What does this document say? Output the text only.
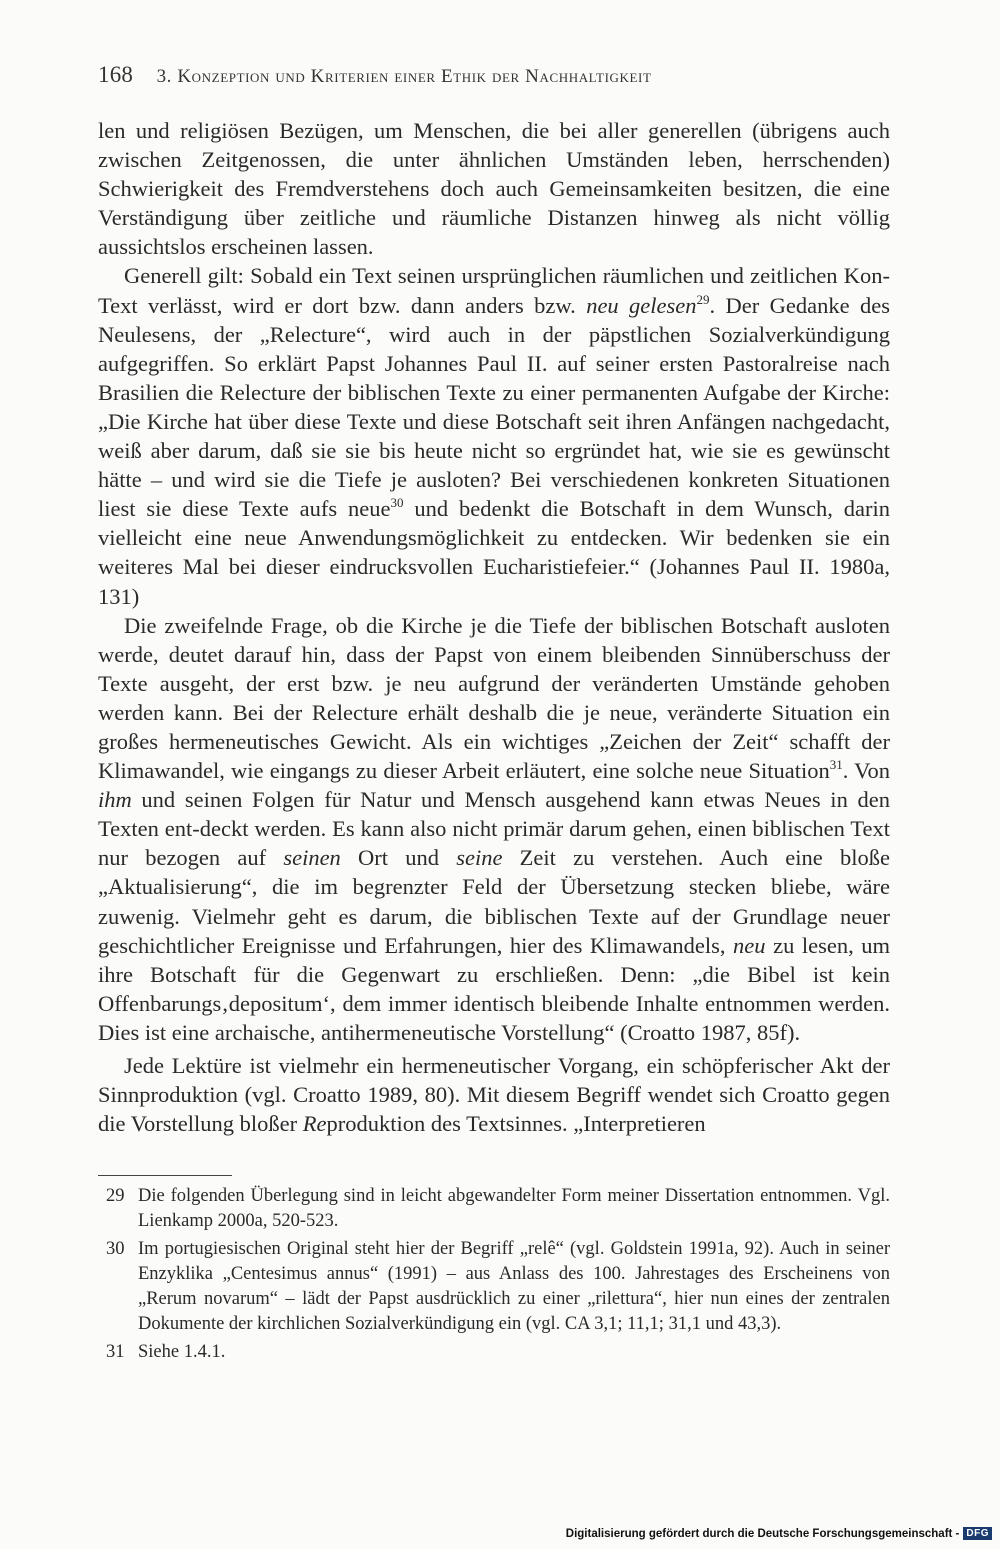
168 3. Konzeption und Kriterien einer Ethik der Nachhaltigkeit

len und religiösen Bezügen, um Menschen, die bei aller generellen (übrigens auch zwischen Zeitgenossen, die unter ähnlichen Umständen leben, herrschenden) Schwierigkeit des Fremdverstehens doch auch Gemeinsamkeiten besitzen, die eine Verständigung über zeitliche und räumliche Distanzen hinweg als nicht völlig aussichtslos erscheinen lassen.

Generell gilt: Sobald ein Text seinen ursprünglichen räumlichen und zeitlichen Kon-Text verlässt, wird er dort bzw. dann anders bzw. neu gelesen$^{29}$. Der Gedanke des Neulesens, der „Relecture“, wird auch in der päpstlichen Sozialverkündigung aufgegriffen. So erklärt Papst Johannes Paul II. auf seiner ersten Pastoralreise nach Brasilien die Relecture der biblischen Texte zu einer permanenten Aufgabe der Kirche: „Die Kirche hat über diese Texte und diese Botschaft seit ihren Anfängen nachgedacht, weiß aber darum, daß sie sie bis heute nicht so ergründet hat, wie sie es gewünscht hätte – und wird sie die Tiefe je ausloten? Bei verschiedenen konkreten Situationen liest sie diese Texte aufs neue$^{30}$ und bedenkt die Botschaft in dem Wunsch, darin vielleicht eine neue Anwendungsmöglichkeit zu entdecken. Wir bedenken sie ein weiteres Mal bei dieser eindrucksvollen Eucharistiefeier.“ (Johannes Paul II. 1980a, 131)

Die zweifelnde Frage, ob die Kirche je die Tiefe der biblischen Botschaft ausloten werde, deutet darauf hin, dass der Papst von einem bleibenden Sinnüberschuss der Texte ausgeht, der erst bzw. je neu aufgrund der veränderten Umstände gehoben werden kann. Bei der Relecture erhält deshalb die je neue, veränderte Situation ein großes hermeneutisches Gewicht. Als ein wichtiges „Zeichen der Zeit“ schafft der Klimawandel, wie eingangs zu dieser Arbeit erläutert, eine solche neue Situation$^{31}$. Von ihm und seinen Folgen für Natur und Mensch ausgehend kann etwas Neues in den Texten ent-deckt werden. Es kann also nicht primär darum gehen, einen biblischen Text nur bezogen auf seinen Ort und seine Zeit zu verstehen. Auch eine bloße „Aktualisierung“, die im begrenzter Feld der Übersetzung stecken bliebe, wäre zuwenig. Vielmehr geht es darum, die biblischen Texte auf der Grundlage neuer geschichtlicher Ereignisse und Erfahrungen, hier des Klimawandels, neu zu lesen, um ihre Botschaft für die Gegenwart zu erschließen. Denn: „die Bibel ist kein Offenbarungs‚depositum‘, dem immer identisch bleibende Inhalte entnommen werden. Dies ist eine archaische, antihermeneutische Vorstellung“ (Croatto 1987, 85f).

Jede Lektüre ist vielmehr ein hermeneutischer Vorgang, ein schöpferischer Akt der Sinnproduktion (vgl. Croatto 1989, 80). Mit diesem Begriff wendet sich Croatto gegen die Vorstellung bloßer Reproduktion des Textsinnes. „Interpretieren

29 Die folgenden Überlegung sind in leicht abgewandelter Form meiner Dissertation entnommen. Vgl. Lienkamp 2000a, 520-523.
30 Im portugiesischen Original steht hier der Begriff „relê“ (vgl. Goldstein 1991a, 92). Auch in seiner Enzyklika „Centesimus annus“ (1991) – aus Anlass des 100. Jahrestages des Erscheinens von „Rerum novarum“ – lädt der Papst ausdrücklich zu einer „rilettura“, hier nun eines der zentralen Dokumente der kirchlichen Sozialverkündigung ein (vgl. CA 3,1; 11,1; 31,1 und 43,3).
31 Siehe 1.4.1.
Digitalisierung gefördert durch die Deutsche Forschungsgemeinschaft - DFG
